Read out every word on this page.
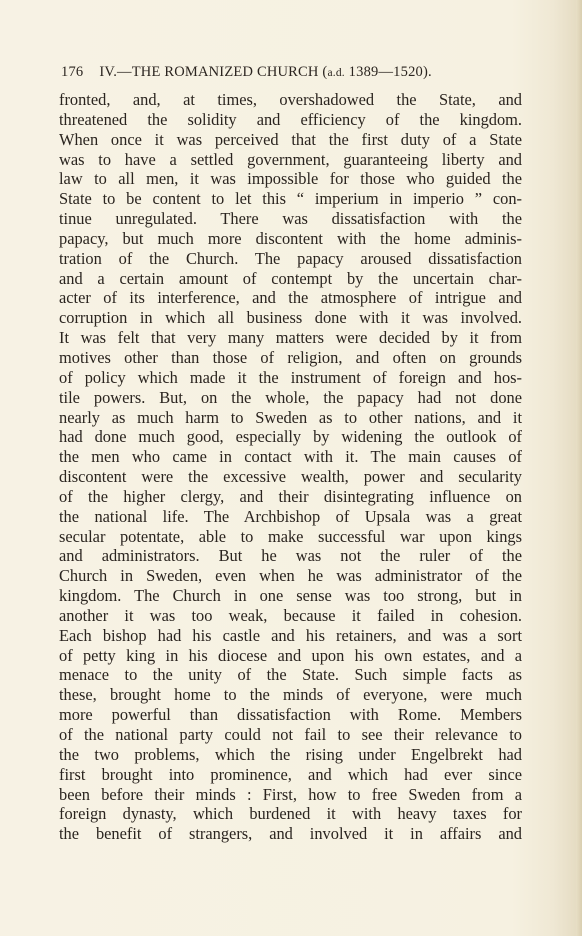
176 IV.—THE ROMANIZED CHURCH (a.d. 1389—1520).
fronted, and, at times, overshadowed the State, and
threatened the solidity and efficiency of the kingdom.
When once it was perceived that the first duty of a State
was to have a settled government, guaranteeing liberty and
law to all men, it was impossible for those who guided the
State to be content to let this “ imperium in imperio ” con-
tinue unregulated. There was dissatisfaction with the
papacy, but much more discontent with the home adminis-
tration of the Church. The papacy aroused dissatisfaction
and a certain amount of contempt by the uncertain char-
acter of its interference, and the atmosphere of intrigue and
corruption in which all business done with it was involved.
It was felt that very many matters were decided by it from
motives other than those of religion, and often on grounds
of policy which made it the instrument of foreign and hos-
tile powers. But, on the whole, the papacy had not done
nearly as much harm to Sweden as to other nations, and it
had done much good, especially by widening the outlook of
the men who came in contact with it. The main causes of
discontent were the excessive wealth, power and secularity
of the higher clergy, and their disintegrating influence on
the national life. The Archbishop of Upsala was a great
secular potentate, able to make successful war upon kings
and administrators. But he was not the ruler of the
Church in Sweden, even when he was administrator of the
kingdom. The Church in one sense was too strong, but in
another it was too weak, because it failed in cohesion.
Each bishop had his castle and his retainers, and was a sort
of petty king in his diocese and upon his own estates, and a
menace to the unity of the State. Such simple facts as
these, brought home to the minds of everyone, were much
more powerful than dissatisfaction with Rome. Members
of the national party could not fail to see their relevance to
the two problems, which the rising under Engelbrekt had
first brought into prominence, and which had ever since
been before their minds : First, how to free Sweden from a
foreign dynasty, which burdened it with heavy taxes for
the benefit of strangers, and involved it in affairs and
